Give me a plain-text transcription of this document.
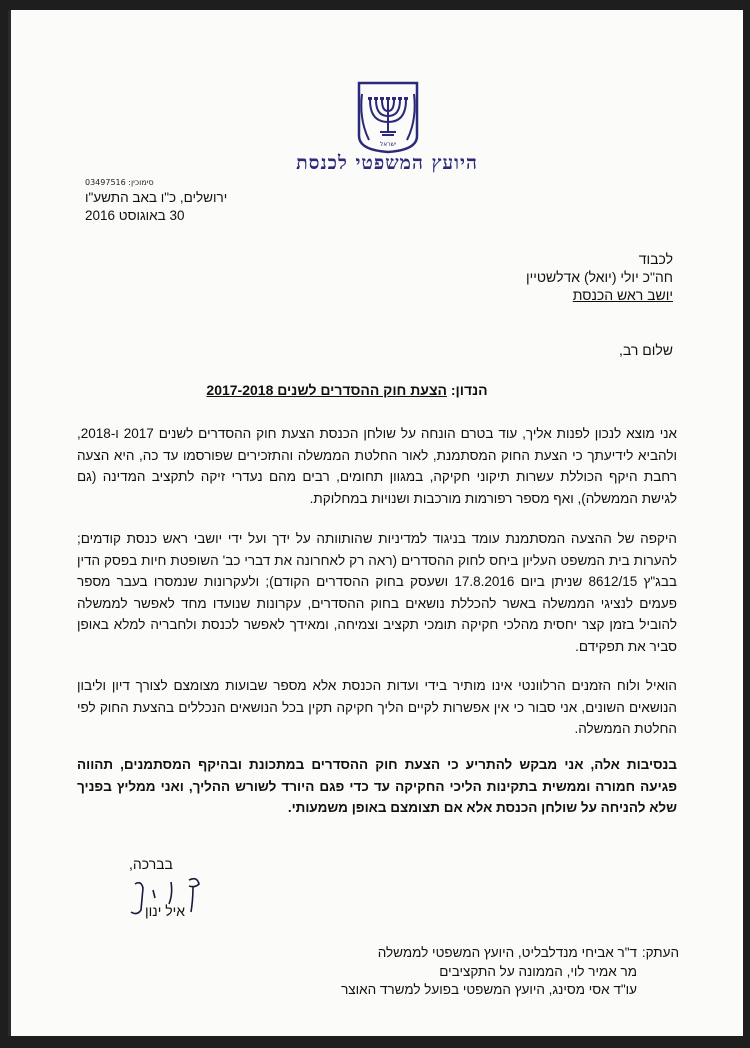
ישראל
היועץ המשפטי לכנסת
סימוכין: 03497516
ירושלים, כ"ו באב התשע"ו
30 באוגוסט 2016
לכבוד
חה"כ יולי (יואל) אדלשטיין
יושב ראש הכנסת
שלום רב,
הנדון: הצעת חוק ההסדרים לשנים 2017-2018
אני מוצא לנכון לפנות אליך, עוד בטרם הונחה על שולחן הכנסת הצעת חוק ההסדרים לשנים 2017 ו-2018, ולהביא לידיעתך כי הצעת החוק המסתמנת, לאור החלטת הממשלה והתזכירים שפורסמו עד כה, היא הצעה רחבת היקף הכוללת עשרות תיקוני חקיקה, במגוון תחומים, רבים מהם נעדרי זיקה לתקציב המדינה (גם לגישת הממשלה), ואף מספר רפורמות מורכבות ושנויות במחלוקת.
היקפה של ההצעה המסתמנת עומד בניגוד למדיניות שהותוותה על ידך ועל ידי יושבי ראש כנסת קודמים; להערות בית המשפט העליון ביחס לחוק ההסדרים (ראה רק לאחרונה את דברי כב' השופטת חיות בפסק הדין בבג"ץ 8612/15 שניתן ביום 17.8.2016 ושעסק בחוק ההסדרים הקודם); ולעקרונות שנמסרו בעבר מספר פעמים לנציגי הממשלה באשר להכללת נושאים בחוק ההסדרים, עקרונות שנועדו מחד לאפשר לממשלה להוביל בזמן קצר יחסית מהלכי חקיקה תומכי תקציב וצמיחה, ומאידך לאפשר לכנסת ולחבריה למלא באופן סביר את תפקידם.
הואיל ולוח הזמנים הרלוונטי אינו מותיר בידי ועדות הכנסת אלא מספר שבועות מצומצם לצורך דיון וליבון הנושאים השונים, אני סבור כי אין אפשרות לקיים הליך חקיקה תקין בכל הנושאים הנכללים בהצעת החוק לפי החלטת הממשלה.
בנסיבות אלה, אני מבקש להתריע כי הצעת חוק ההסדרים במתכונת ובהיקף המסתמנים, תהווה פגיעה חמורה וממשית בתקינות הליכי החקיקה עד כדי פגם היורד לשורש ההליך, ואני ממליץ בפניך שלא להניחה על שולחן הכנסת אלא אם תצומצם באופן משמעותי.
בברכה,
איל ינון
העתק:
ד"ר אביחי מנדלבליט, היועץ המשפטי לממשלה
מר אמיר לוי, הממונה על התקציבים
עו"ד אסי מסינג, היועץ המשפטי בפועל למשרד האוצר
